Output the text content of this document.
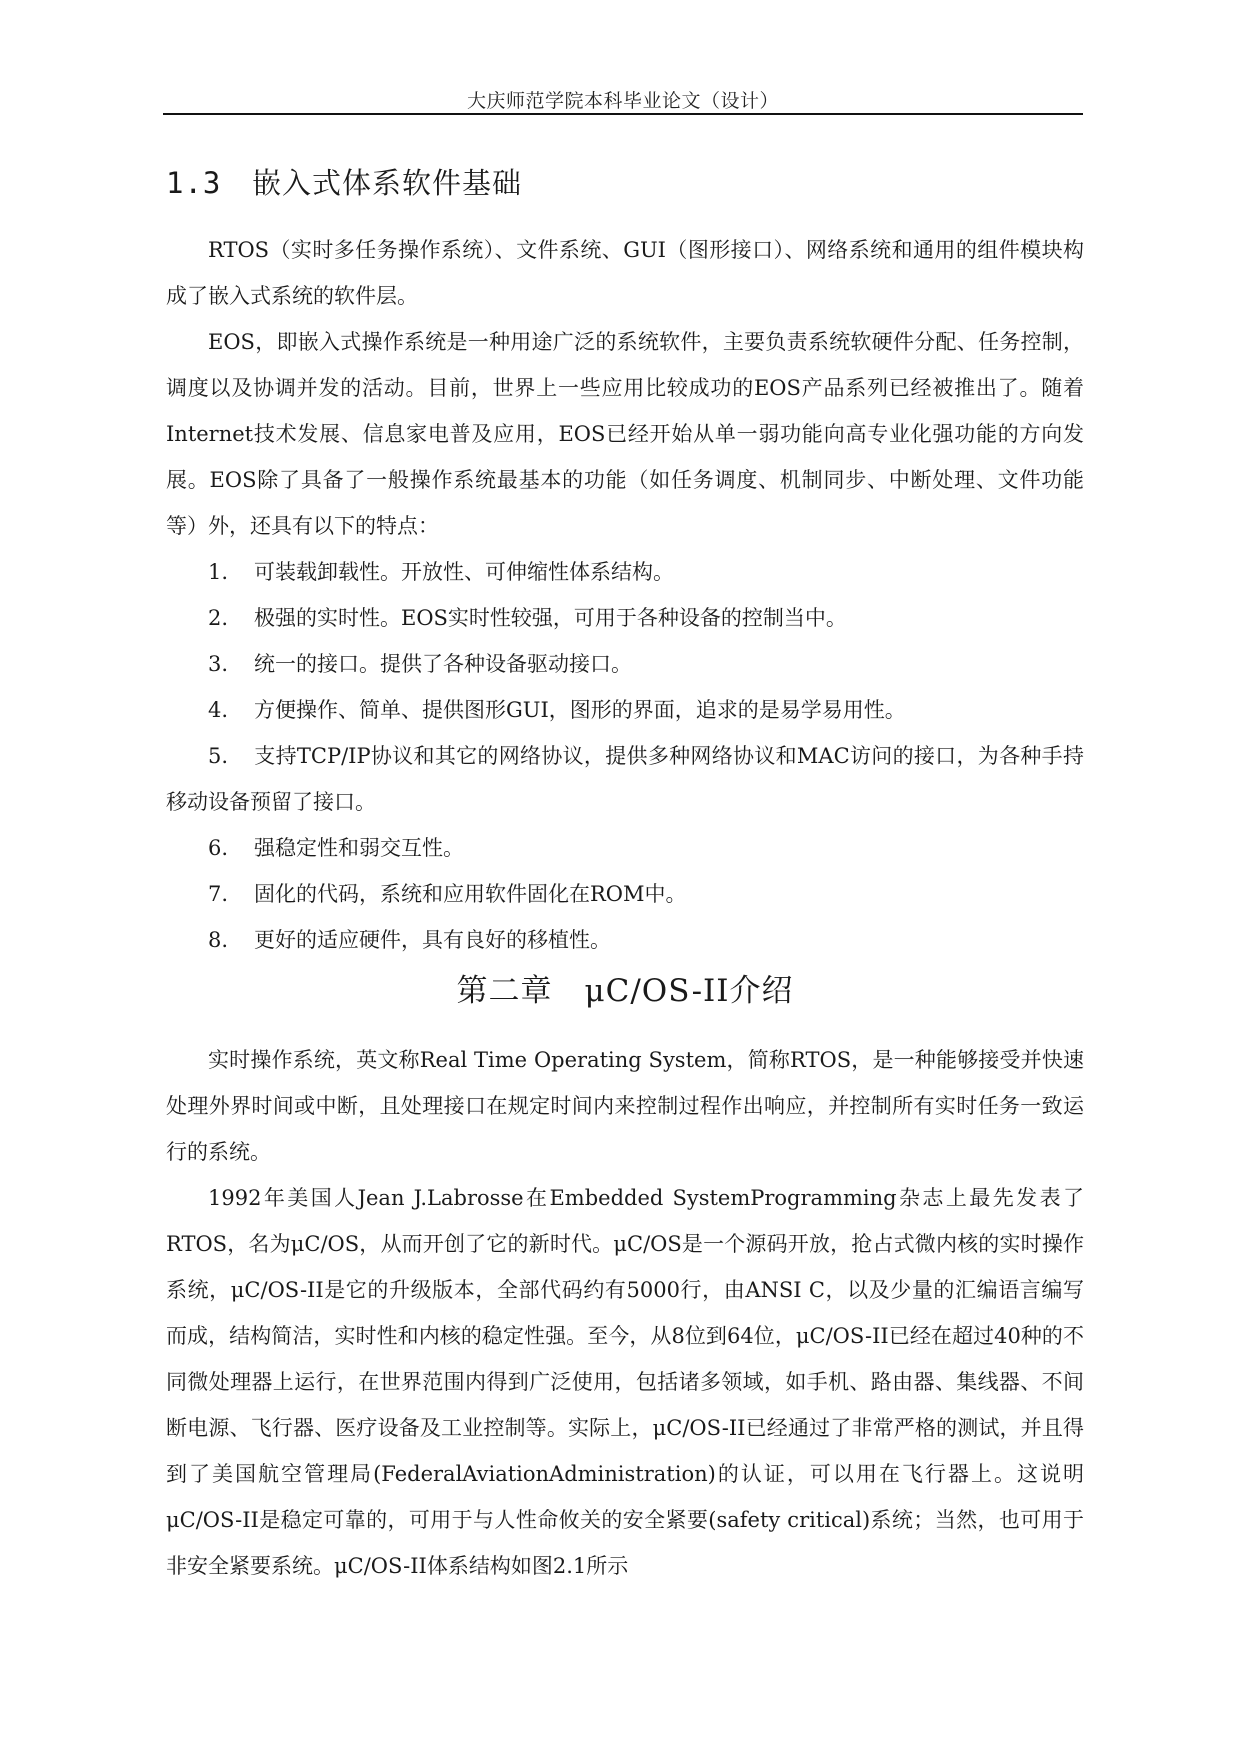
大庆师范学院本科毕业论文（设计）
1.3 嵌入式体系软件基础

RTOS（实时多任务操作系统）、文件系统、GUI（图形接口）、网络系统和通用的组件模块构成了嵌入式系统的软件层。

EOS，即嵌入式操作系统是一种用途广泛的系统软件，主要负责系统软硬件分配、任务控制，调度以及协调并发的活动。目前，世界上一些应用比较成功的EOS产品系列已经被推出了。随着Internet技术发展、信息家电普及应用，EOS已经开始从单一弱功能向高专业化强功能的方向发展。EOS除了具备了一般操作系统最基本的功能（如任务调度、机制同步、中断处理、文件功能等）外，还具有以下的特点：

1. 可装载卸载性。开放性、可伸缩性体系结构。

2. 极强的实时性。EOS实时性较强，可用于各种设备的控制当中。

3. 统一的接口。提供了各种设备驱动接口。

4. 方便操作、简单、提供图形GUI，图形的界面，追求的是易学易用性。

5. 支持TCP/IP协议和其它的网络协议，提供多种网络协议和MAC访问的接口，为各种手持移动设备预留了接口。

6. 强稳定性和弱交互性。

7. 固化的代码，系统和应用软件固化在ROM中。

8. 更好的适应硬件，具有良好的移植性。

第二章　μC/OS-II介绍

实时操作系统，英文称Real Time Operating System，简称RTOS，是一种能够接受并快速处理外界时间或中断，且处理接口在规定时间内来控制过程作出响应，并控制所有实时任务一致运行的系统。

1992年美国人Jean J.Labrosse在Embedded SystemProgramming杂志上最先发表了RTOS，名为μC/OS，从而开创了它的新时代。μC/OS是一个源码开放，抢占式微内核的实时操作系统，μC/OS-II是它的升级版本，全部代码约有5000行，由ANSI C，以及少量的汇编语言编写而成，结构简洁，实时性和内核的稳定性强。至今，从8位到64位，μC/OS-II已经在超过40种的不同微处理器上运行，在世界范围内得到广泛使用，包括诸多领域，如手机、路由器、集线器、不间断电源、飞行器、医疗设备及工业控制等。实际上，μC/OS-II已经通过了非常严格的测试，并且得到了美国航空管理局(FederalAviationAdministration)的认证，可以用在飞行器上。这说明μC/OS-II是稳定可靠的，可用于与人性命攸关的安全紧要(safety critical)系统；当然，也可用于非安全紧要系统。μC/OS-II体系结构如图2.1所示
